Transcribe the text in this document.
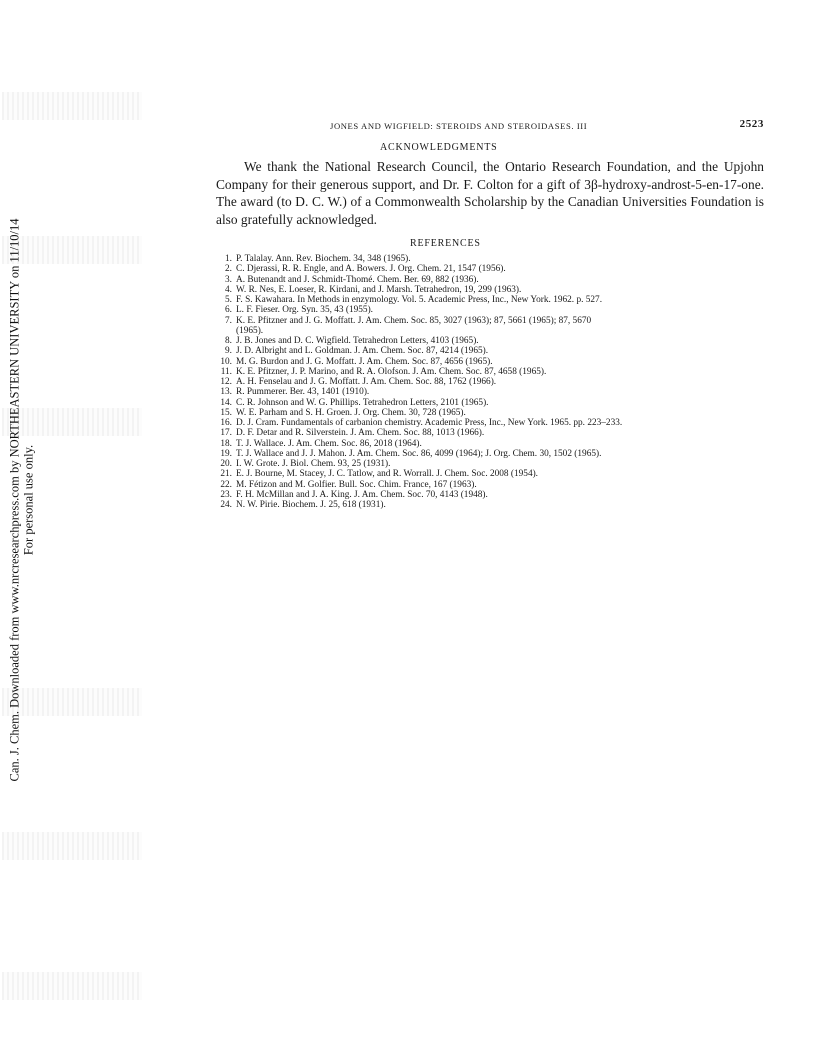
Can. J. Chem. Downloaded from www.nrcresearchpress.com by NORTHEASTERN UNIVERSITY on 11/10/14 For personal use only.
JONES AND WIGFIELD: STEROIDS AND STEROIDASES. III	2523
ACKNOWLEDGMENTS

We thank the National Research Council, the Ontario Research Foundation, and the Upjohn Company for their generous support, and Dr. F. Colton for a gift of 3β-hydroxy-androst-5-en-17-one. The award (to D. C. W.) of a Commonwealth Scholarship by the Canadian Universities Foundation is also gratefully acknowledged.

REFERENCES
1. P. Talalay. Ann. Rev. Biochem. 34, 348 (1965).
2. C. Djerassi, R. R. Engle, and A. Bowers. J. Org. Chem. 21, 1547 (1956).
3. A. Butenandt and J. Schmidt-Thomé. Chem. Ber. 69, 882 (1936).
4. W. R. Nes, E. Loeser, R. Kirdani, and J. Marsh. Tetrahedron, 19, 299 (1963).
5. F. S. Kawahara. In Methods in enzymology. Vol. 5. Academic Press, Inc., New York. 1962. p. 527.
6. L. F. Fieser. Org. Syn. 35, 43 (1955).
7. K. E. Pfitzner and J. G. Moffatt. J. Am. Chem. Soc. 85, 3027 (1963); 87, 5661 (1965); 87, 5670
(1965).
8. J. B. Jones and D. C. Wigfield. Tetrahedron Letters, 4103 (1965).
9. J. D. Albright and L. Goldman. J. Am. Chem. Soc. 87, 4214 (1965).
10. M. G. Burdon and J. G. Moffatt. J. Am. Chem. Soc. 87, 4656 (1965).
11. K. E. Pfitzner, J. P. Marino, and R. A. Olofson. J. Am. Chem. Soc. 87, 4658 (1965).
12. A. H. Fenselau and J. G. Moffatt. J. Am. Chem. Soc. 88, 1762 (1966).
13. R. Pummerer. Ber. 43, 1401 (1910).
14. C. R. Johnson and W. G. Phillips. Tetrahedron Letters, 2101 (1965).
15. W. E. Parham and S. H. Groen. J. Org. Chem. 30, 728 (1965).
16. D. J. Cram. Fundamentals of carbanion chemistry. Academic Press, Inc., New York. 1965. pp. 223–233.
17. D. F. Detar and R. Silverstein. J. Am. Chem. Soc. 88, 1013 (1966).
18. T. J. Wallace. J. Am. Chem. Soc. 86, 2018 (1964).
19. T. J. Wallace and J. J. Mahon. J. Am. Chem. Soc. 86, 4099 (1964); J. Org. Chem. 30, 1502 (1965).
20. I. W. Grote. J. Biol. Chem. 93, 25 (1931).
21. E. J. Bourne, M. Stacey, J. C. Tatlow, and R. Worrall. J. Chem. Soc. 2008 (1954).
22. M. Fétizon and M. Golfier. Bull. Soc. Chim. France, 167 (1963).
23. F. H. McMillan and J. A. King. J. Am. Chem. Soc. 70, 4143 (1948).
24. N. W. Pirie. Biochem. J. 25, 618 (1931).
